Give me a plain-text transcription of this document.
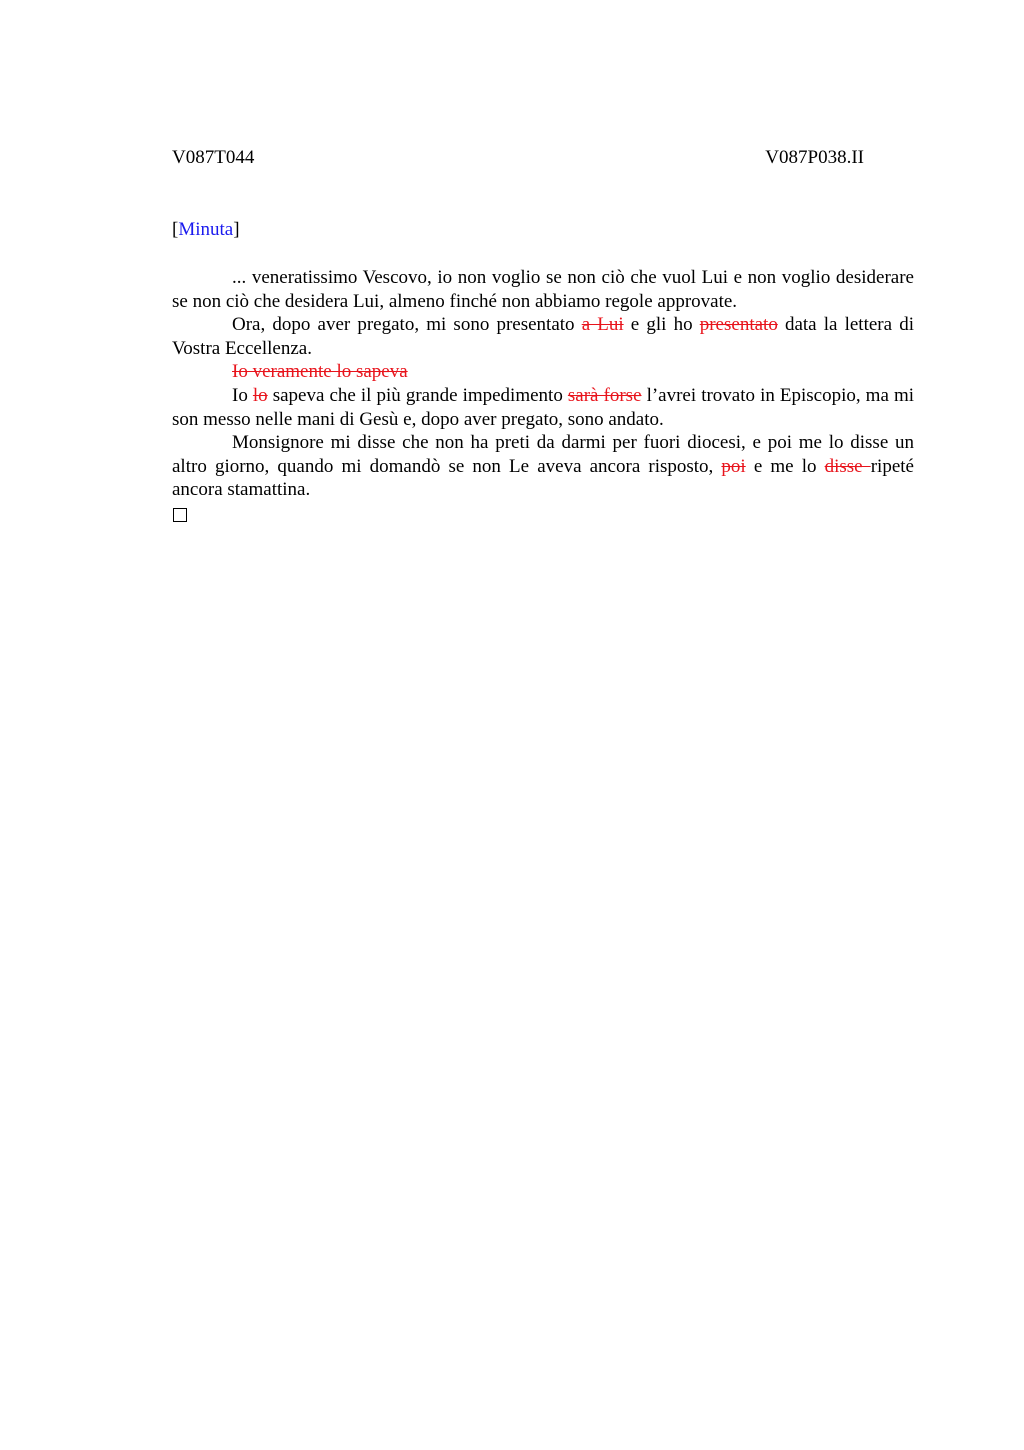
V087T044	V087P038.II
[Minuta]

... veneratissimo Vescovo, io non voglio se non ciò che vuol Lui e non voglio desiderare se non ciò che desidera Lui, almeno finché non abbiamo regole approvate.

Ora, dopo aver pregato, mi sono presentato a Lui e gli ho presentato data la lettera di Vostra Eccellenza.

Io veramente lo sapeva

Io lo sapeva che il più grande impedimento sarà forse l’avrei trovato in Episcopio, ma mi son messo nelle mani di Gesù e, dopo aver pregato, sono andato.

Monsignore mi disse che non ha preti da darmi per fuori diocesi, e poi me lo disse un altro giorno, quando mi domandò se non Le aveva ancora risposto, poi e me lo disse ripeté ancora stamattina.
